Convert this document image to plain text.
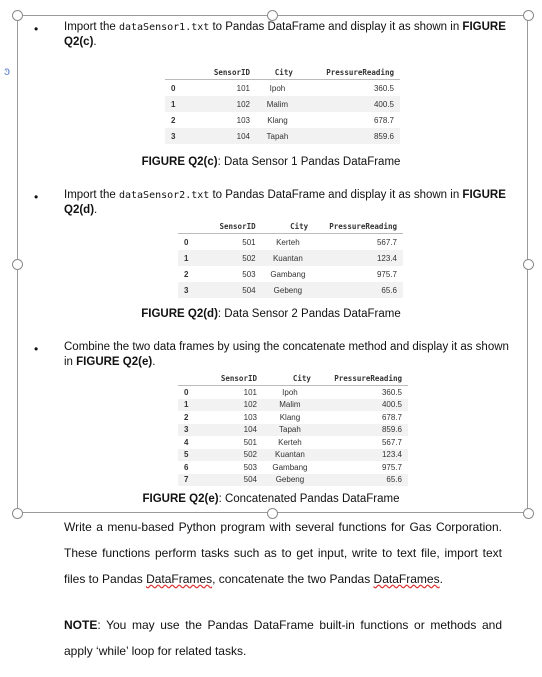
ͽ
• Import the dataSensor1.txt to Pandas DataFrame and display it as shown in FIGURE Q2(c).
	SensorID	City	PressureReading
0	101	Ipoh	360.5
1	102	Malim	400.5
2	103	Klang	678.7
3	104	Tapah	859.6
FIGURE Q2(c): Data Sensor 1 Pandas DataFrame
• Import the dataSensor2.txt to Pandas DataFrame and display it as shown in FIGURE Q2(d).
	SensorID	City	PressureReading
0	501	Kerteh	567.7
1	502	Kuantan	123.4
2	503	Gambang	975.7
3	504	Gebeng	65.6
FIGURE Q2(d): Data Sensor 2 Pandas DataFrame
• Combine the two data frames by using the concatenate method and display it as shown in FIGURE Q2(e).
	SensorID	City	PressureReading
0	101	Ipoh	360.5
1	102	Malim	400.5
2	103	Klang	678.7
3	104	Tapah	859.6
4	501	Kerteh	567.7
5	502	Kuantan	123.4
6	503	Gambang	975.7
7	504	Gebeng	65.6
FIGURE Q2(e): Concatenated Pandas DataFrame
Write a menu-based Python program with several functions for Gas Corporation. These functions perform tasks such as to get input, write to text file, import text files to Pandas DataFrames, concatenate the two Pandas DataFrames.
NOTE: You may use the Pandas DataFrame built-in functions or methods and apply ‘while’ loop for related tasks.
